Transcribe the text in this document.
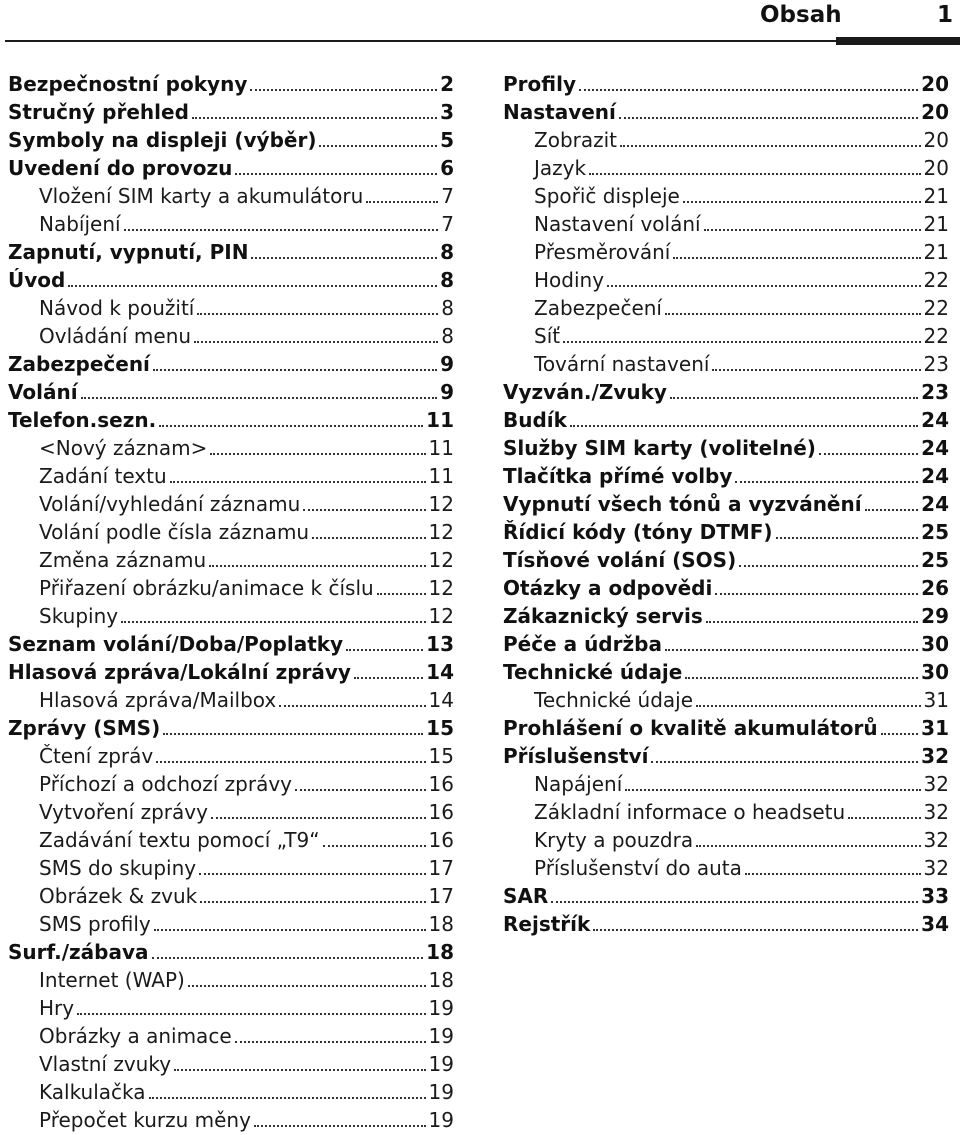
Obsah	1
Bezpečnostní pokyny	2
Stručný přehled	3
Symboly na displeji (výběr)	5
Uvedení do provozu	6
Vložení SIM karty a akumulátoru	7
Nabíjení	7
Zapnutí, vypnutí, PIN	8
Úvod	8
Návod k použití	8
Ovládání menu	8
Zabezpečení	9
Volání	9
Telefon.sezn.	11
<Nový záznam>	11
Zadání textu	11
Volání/vyhledání záznamu	12
Volání podle čísla záznamu	12
Změna záznamu	12
Přiřazení obrázku/animace k číslu	12
Skupiny	12
Seznam volání/Doba/Poplatky	13
Hlasová zpráva/Lokální zprávy	14
Hlasová zpráva/Mailbox	14
Zprávy (SMS)	15
Čtení zpráv	15
Příchozí a odchozí zprávy	16
Vytvoření zprávy	16
Zadávání textu pomocí „T9“	16
SMS do skupiny	17
Obrázek & zvuk	17
SMS profily	18
Surf./zábava	18
Internet (WAP)	18
Hry	19
Obrázky a animace	19
Vlastní zvuky	19
Kalkulačka	19
Přepočet kurzu měny	19
Profily	20
Nastavení	20
Zobrazit	20
Jazyk	20
Spořič displeje	21
Nastavení volání	21
Přesměrování	21
Hodiny	22
Zabezpečení	22
Síť	22
Tovární nastavení	23
Vyzván./Zvuky	23
Budík	24
Služby SIM karty (volitelné)	24
Tlačítka přímé volby	24
Vypnutí všech tónů a vyzvánění	24
Řídicí kódy (tóny DTMF)	25
Tísňové volání (SOS)	25
Otázky a odpovědi	26
Zákaznický servis	29
Péče a údržba	30
Technické údaje	30
Technické údaje	31
Prohlášení o kvalitě akumulátorů 31
Příslušenství	32
Napájení	32
Základní informace o headsetu	32
Kryty a pouzdra	32
Příslušenství do auta	32
SAR	33
Rejstřík	34
